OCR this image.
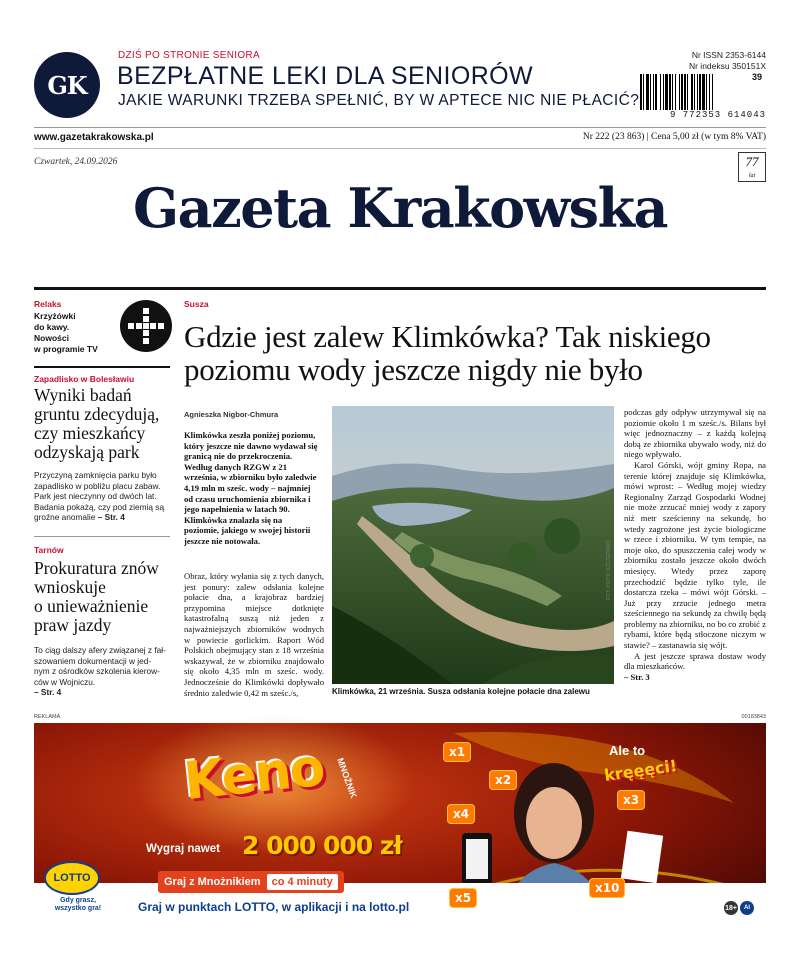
GK
DZIŚ PO STRONIE SENIORA
BEZPŁATNE LEKI DLA SENIORÓW
JAKIE WARUNKI TRZEBA SPEŁNIĆ, BY W APTECE NIC NIE PŁACIĆ?
Nr ISSN 2353-6144
Nr indeksu 350151X
39
9 772353 614043
www.gazetakrakowska.pl	Nr 222 (23 863) | Cena 5,00 zł (w tym 8% VAT)
Czwartek, 24.09.2026	77
lat
Gazeta Krakowska
Relaks
Krzyżówki
do kawy.
Nowości
w programie TV
Zapadlisko w Bolesławiu
Wyniki badań
gruntu zdecydują,
czy mieszkańcy
odzyskają park
Przyczyną zamknięcia parku było
zapadlisko w pobliżu placu zabaw.
Park jest nieczynny od dwóch lat.
Badania pokażą, czy pod ziemią są
groźne anomalie – Str. 4
Tarnów
Prokuratura znów
wnioskuje
o unieważnienie
praw jazdy
To ciąg dalszy afery związanej z fał-
szowaniem dokumentacji w jed-
nym z ośrodków szkolenia kierow-
ców w Wojniczu.
– Str. 4
Susza
Gdzie jest zalew Klimkówka? Tak niskiego poziomu wody jeszcze nigdy nie było
Agnieszka Nigbor-Chmura
Klimkówka zeszła poniżej poziomu, który jeszcze nie dawno wydawał się granicą nie do przekroczenia. Według danych RZGW z 21 września, w zbiorniku było zaledwie 4,19 mln m sześc. wody – najmniej od czasu uruchomienia zbiornika i jego napełnienia w latach 90. Klimkówka znalazła się na poziomie, jakiego w swojej historii jeszcze nie notowała.
Obraz, który wyłania się z tych danych, jest ponury: zalew odsłania kolejne połacie dna, a krajobraz bardziej przypomina miejsce dotknięte katastrofalną suszą niż jeden z najważniejszych zbiorników wodnych w powiecie gorlickim. Raport Wód Polskich obejmujący stan z 18 września wskazywał, że w zbiorniku znajdowało się około 4,35 mln m sześc. wody. Jednocześnie do Klimkówki dopływało średnio zaledwie 0,42 m sześc./s,
FOT. PIOTR SZCZEPANIK
Klimkówka, 21 września. Susza odsłania kolejne połacie dna zalewu

podczas gdy odpływ utrzymywał się na poziomie około 1 m sześc./s. Bilans był więc jednoznaczny – z każdą kolejną dobą ze zbiornika ubywało wody, niż do niego wpływało.

Karol Górski, wójt gminy Ropa, na terenie której znajduje się Klimkówka, mówi wprost: – Według mojej wiedzy Regionalny Zarząd Gospodarki Wodnej nie może zrzucać mniej wody z zapory niż metr sześcienny na sekundę, bo wtedy zagrożone jest życie biologiczne w rzece i zbiorniku. W tym tempie, na moje oko, do spuszczenia całej wody w zbiorniku zostało jeszcze około dwóch miesięcy. Wtedy przez zaporę przechodzić będzie tylko tyle, ile dostarcza rzeka – mówi wójt Górski. – Już przy zrzucie jednego metra sześciennego na sekundę za chwilę będą problemy na zbiorniku, no bo co zrobić z rybami, które będą stłoczone niczym w stawie? – zastanawia się wójt.

A jest jeszcze sprawa dostaw wody dla mieszkańców.

– Str. 3

REKLAMA	00183843
Keno MNOŻNIK
Wygraj nawet 2 000 000 zł
Graj z Mnożnikiem	co 4 minuty
LOTTO
Gdy grasz, wszystko gra!	Graj w punktach LOTTO, w aplikacji i na lotto.pl
Ale to
kręęęci!
x1
x2
x3
x4
x5
x10
18+	AI
